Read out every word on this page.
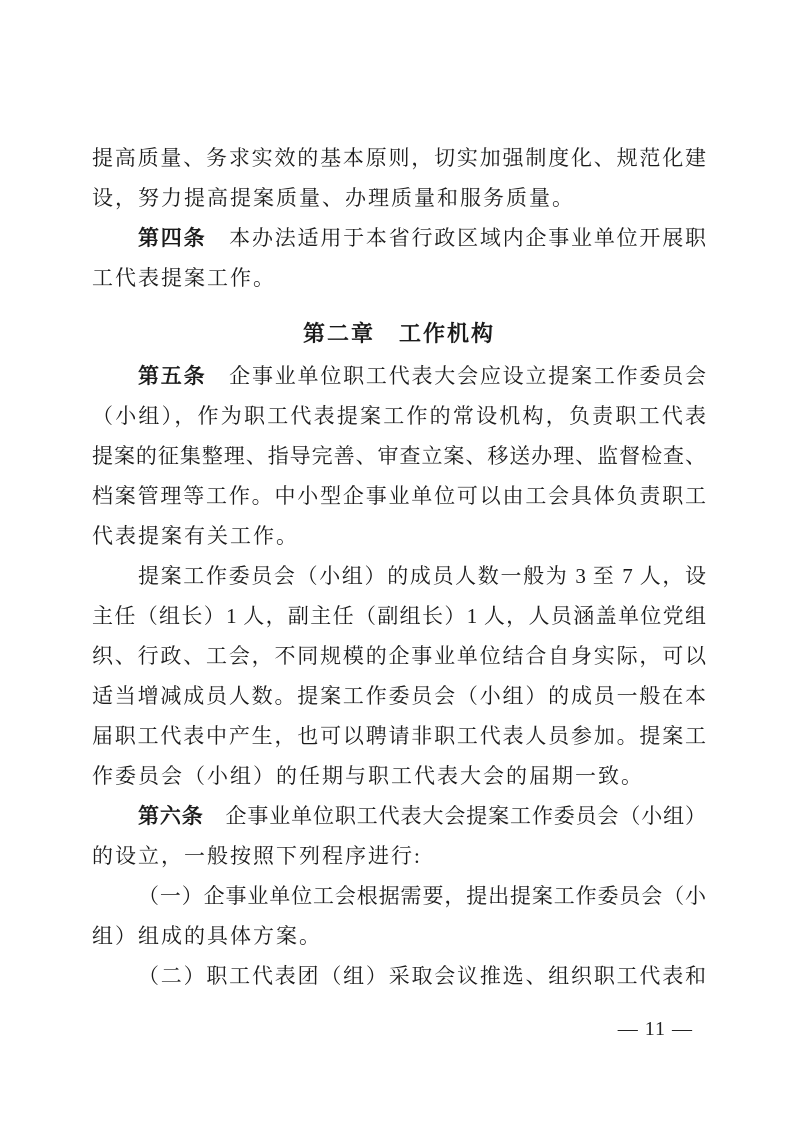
提高质量、务求实效的基本原则，切实加强制度化、规范化建
设，努力提高提案质量、办理质量和服务质量。
第四条　本办法适用于本省行政区域内企事业单位开展职
工代表提案工作。
第二章　工作机构
第五条　企事业单位职工代表大会应设立提案工作委员会
（小组），作为职工代表提案工作的常设机构，负责职工代表
提案的征集整理、指导完善、审查立案、移送办理、监督检查、
档案管理等工作。中小型企事业单位可以由工会具体负责职工
代表提案有关工作。
提案工作委员会（小组）的成员人数一般为 3 至 7 人，设
主任（组长）1 人，副主任（副组长）1 人，人员涵盖单位党组
织、行政、工会，不同规模的企事业单位结合自身实际，可以
适当增减成员人数。提案工作委员会（小组）的成员一般在本
届职工代表中产生，也可以聘请非职工代表人员参加。提案工
作委员会（小组）的任期与职工代表大会的届期一致。
第六条　企事业单位职工代表大会提案工作委员会（小组）
的设立，一般按照下列程序进行:
（一）企事业单位工会根据需要，提出提案工作委员会（小
组）组成的具体方案。
（二）职工代表团（组）采取会议推选、组织职工代表和
— 11 —
